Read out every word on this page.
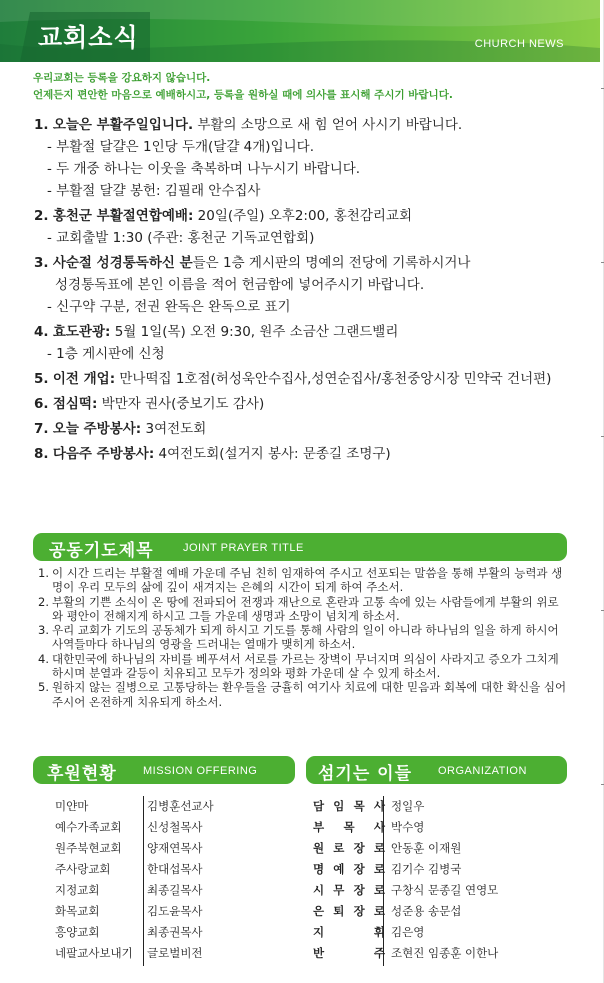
교회소식	CHURCH NEWS
우리교회는 등록을 강요하지 않습니다.
언제든지 편안한 마음으로 예배하시고, 등록을 원하실 때에 의사를 표시해 주시기 바랍니다.
1. 오늘은 부활주일입니다. 부활의 소망으로 새 힘 얻어 사시기 바랍니다.
- 부활절 달걀은 1인당 두개(달걀 4개)입니다.
- 두 개중 하나는 이웃을 축복하며 나누시기 바랍니다.
- 부활절 달걀 봉헌: 김필래 안수집사
2. 홍천군 부활절연합예배: 20일(주일) 오후2:00, 홍천감리교회
- 교회출발 1:30 (주관: 홍천군 기독교연합회)
3. 사순절 성경통독하신 분들은 1층 게시판의 명예의 전당에 기록하시거나
성경통독표에 본인 이름을 적어 헌금함에 넣어주시기 바랍니다.
- 신구약 구분, 전권 완독은 완독으로 표기
4. 효도관광: 5월 1일(목) 오전 9:30, 원주 소금산 그랜드밸리
- 1층 게시판에 신청
5. 이전 개업: 만나떡집 1호점(허성욱안수집사,성연순집사/홍천중앙시장 민약국 건너편)
6. 점심떡: 박만자 권사(중보기도 감사)
7. 오늘 주방봉사: 3여전도회
8. 다음주 주방봉사: 4여전도회(설거지 봉사: 문종길 조명구)
공동기도제목	JOINT PRAYER TITLE
1. 이 시간 드리는 부활절 예배 가운데 주님 친히 임재하여 주시고 선포되는 말씀을 통해 부활의 능력과 생명이 우리 모두의 삶에 깊이 새겨지는 은혜의 시간이 되게 하여 주소서.
2. 부활의 기쁜 소식이 온 땅에 전파되어 전쟁과 재난으로 혼란과 고통 속에 있는 사람들에게 부활의 위로와 평안이 전해지게 하시고 그들 가운데 생명과 소망이 넘치게 하소서.
3. 우리 교회가 기도의 공동체가 되게 하시고 기도를 통해 사람의 일이 아니라 하나님의 일을 하게 하시어 사역들마다 하나님의 영광을 드러내는 열매가 맺히게 하소서.
4. 대한민국에 하나님의 자비를 베푸셔서 서로를 가르는 장벽이 무너지며 의심이 사라지고 증오가 그치게 하시며 분열과 갈등이 치유되고 모두가 정의와 평화 가운데 살 수 있게 하소서.
5. 원하지 않는 질병으로 고통당하는 환우들을 긍휼히 여기사 치료에 대한 믿음과 회복에 대한 확신을 심어 주시어 온전하게 치유되게 하소서.
후원현황 MISSION OFFERING	섬기는 이들 ORGANIZATION
미얀마	김병훈선교사
예수가족교회	신성철목사
원주북현교회	양재연목사
주사랑교회	한대섭목사
지정교회	최종길목사
화목교회	김도윤목사
흥양교회	최종권목사
네팔교사보내기	글로벌비전
담 임 목 사 정일우
부 목 사 박수영
원 로 장 로 안동훈 이재원
명 예 장 로 김기수 김병국
시 무 장 로 구창식 문종길 연영모
은 퇴 장 로 성준용 송문섭
지	휘 김은영
반	주 조현진 임종훈 이한나
